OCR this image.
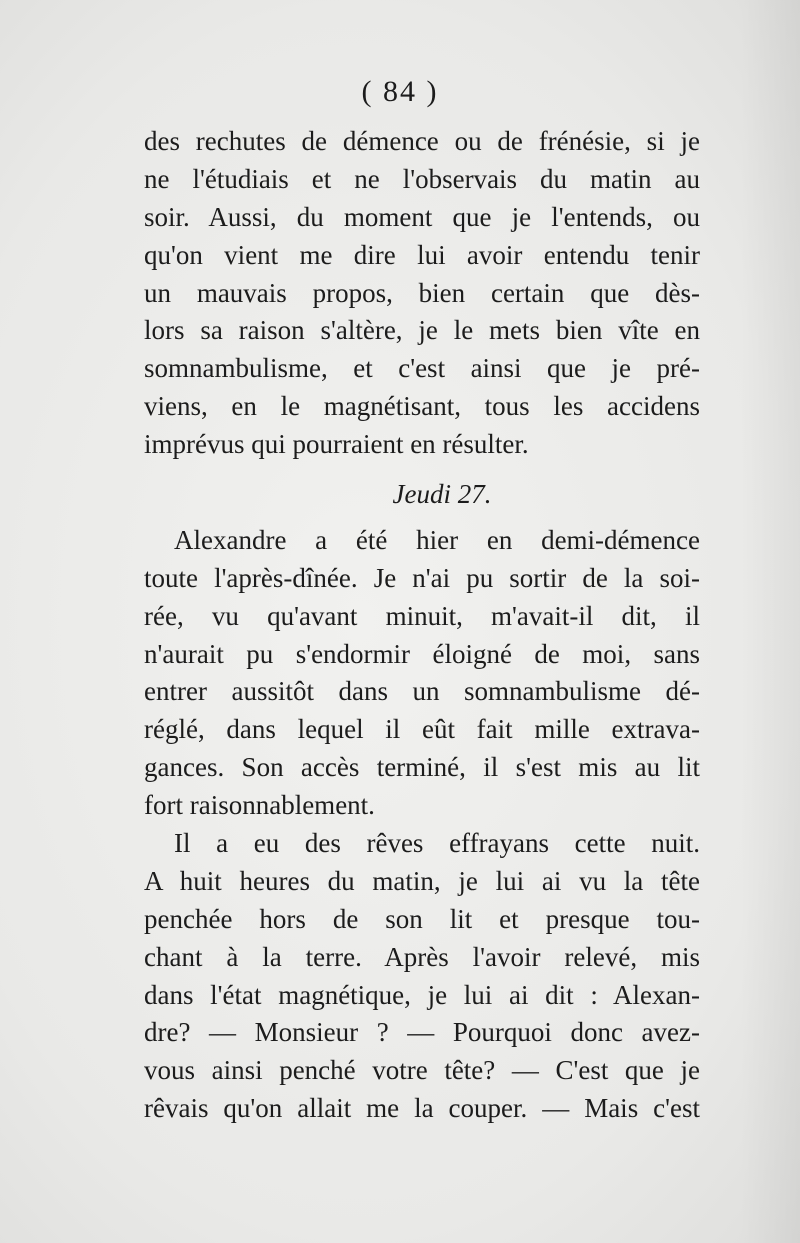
( 84 )
des rechutes de démence ou de frénésie, si je
ne l'étudiais et ne l'observais du matin au
soir. Aussi, du moment que je l'entends, ou
qu'on vient me dire lui avoir entendu tenir
un mauvais propos, bien certain que dès-
lors sa raison s'altère, je le mets bien vîte en
somnambulisme, et c'est ainsi que je pré-
viens, en le magnétisant, tous les accidens
imprévus qui pourraient en résulter.
Jeudi 27.
Alexandre a été hier en demi-démence
toute l'après-dînée. Je n'ai pu sortir de la soi-
rée, vu qu'avant minuit, m'avait-il dit, il
n'aurait pu s'endormir éloigné de moi, sans
entrer aussitôt dans un somnambulisme dé-
réglé, dans lequel il eût fait mille extrava-
gances. Son accès terminé, il s'est mis au lit
fort raisonnablement.
Il a eu des rêves effrayans cette nuit.
A huit heures du matin, je lui ai vu la tête
penchée hors de son lit et presque tou-
chant à la terre. Après l'avoir relevé, mis
dans l'état magnétique, je lui ai dit : Alexan-
dre? — Monsieur ? — Pourquoi donc avez-
vous ainsi penché votre tête? — C'est que je
rêvais qu'on allait me la couper. — Mais c'est
